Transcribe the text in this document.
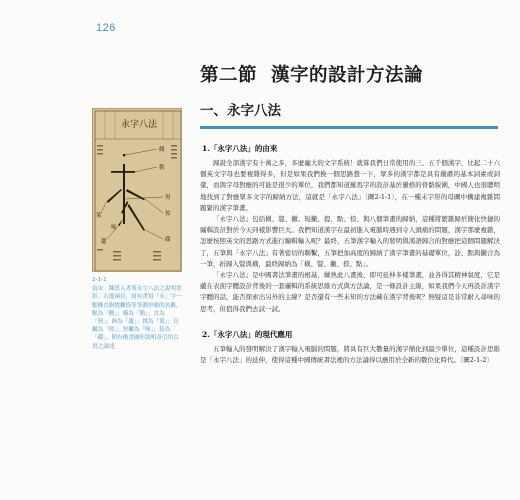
126
永字八法
側
勒
努
趯
策	掠
啄
磔
2-1-1
南宋．陳思人書苑永字八法之說明書影。右邊兩頁，寫有書寫「永」字一點橫直鉤挑撇捺等筆劃形態的名稱，點為「側」；橫為「勒」；直為「努」；鉤為「趯」；挑為「策」；長撇為「掠」；短撇為「啄」；捺為「磔」。附有楷書圖形說明及引用古書之論述。
第二節 漢字的設計方法論
一、永字八法
1.「永字八法」的由來

歸說全部漢字有十萬之多，多麼龐大的文字系統！就算我們日常使用的三、五千個漢字，比起二十六個英文字母也要複雜得多，但是如果我們換一個思路想一下，眾多的漢字都是具有嚴肅的基本詞素或詞彙，而與字母對應的可能是很少的單位，我們都知道羅馬字的設計基於嚴格的骨骼線圍，中國人也很聰明地找到了對應眾多文字的歸納方法，這就是「永字八法」〔圖2-1-1〕，在一種末字形的母圖中構建複雜問題緊的漢字筆畫。

「永字八法」包括橫、豎、撇、短撇、提、點、捺、與八個筆畫的歸納，這種將繁雜歸於簡化快捷的編輯設計對於今天同樣影響巨大。我們知道漢字在最初進入電腦時遇到令人頭痛的問題，漢字那麼複雜，怎麼按照英文的思路方式進行編輯輸入呢？最終，五筆漢字輸入的發明與漢語歸合的對應把這個問題解決了，五筆與「永字八法」有著密切的聯繫，五筆把加高度的歸納了漢字筆畫的基礎單位，詮、點與撇合為一筆，折歸入豎與橫，最終歸納為「橫、豎、撇、捺、點」。

「永字八法」是中國書法筆畫的根基，練熟此八畫後，即可延伸多樣筆畫，並各得其精神氣度，它是蘊在表面字體設計背後的一套邏輯的系統思維方式與方法論，是一條設計主線，如果我們今天再設計漢字字體的話，能否探索出另外的主線？是否還有一些未知的方法藏在漢字背後呢？無疑這是非常耐人尋味的思考，但值得我們去試一試。

2.「永字八法」的現代應用

五筆輸入的發明解決了漢字輸入電腦的問題，將具有巨大數量的漢字簡化到最少單位，這種設計思維是「永字八法」的延伸，使得這種中國傳統書法裡的方法論得以應用於全新的數位化時代。〔圖2-1-2〕
